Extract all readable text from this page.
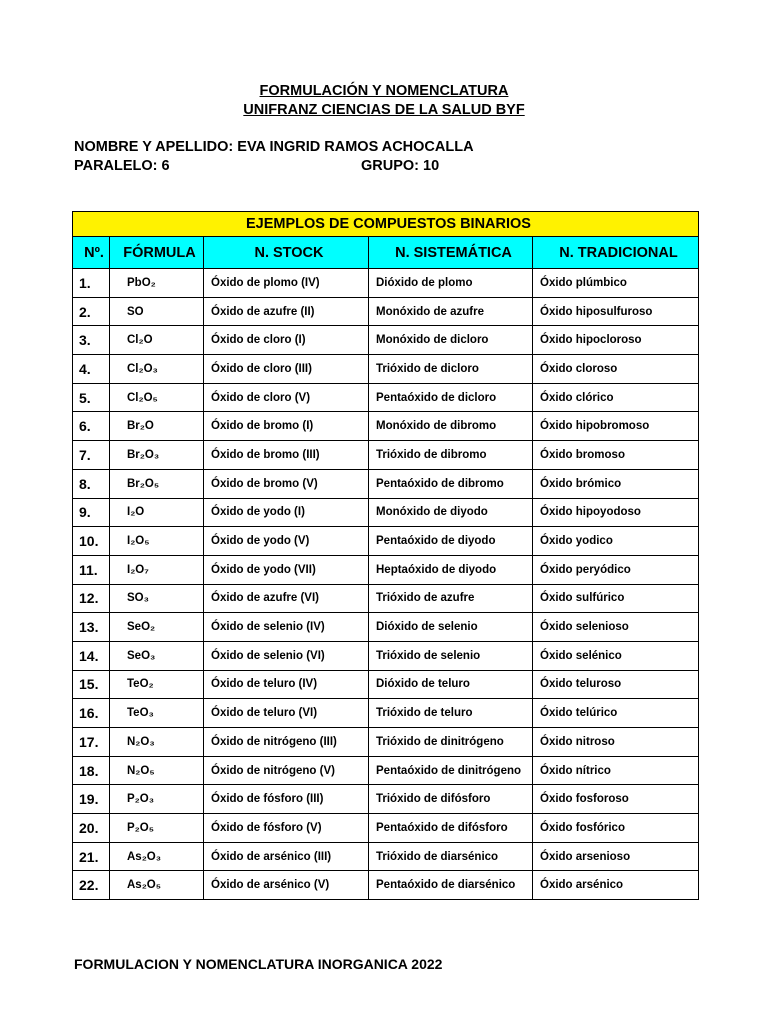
FORMULACIÓN Y NOMENCLATURA
UNIFRANZ CIENCIAS DE LA SALUD BYF
NOMBRE Y APELLIDO: EVA INGRID RAMOS ACHOCALLA
PARALELO: 6	GRUPO: 10
EJEMPLOS DE COMPUESTOS BINARIOS				
Nº.	FÓRMULA	N. STOCK	N. SISTEMÁTICA	N. TRADICIONAL
1.	PbO₂	Óxido de plomo (IV)	Dióxido de plomo	Óxido plúmbico
2.	SO	Óxido de azufre (II)	Monóxido de azufre	Óxido hiposulfuroso
3.	Cl₂O	Óxido de cloro (I)	Monóxido de dicloro	Óxido hipocloroso
4.	Cl₂O₃	Óxido de cloro (III)	Trióxido de dicloro	Óxido cloroso
5.	Cl₂O₅	Óxido de cloro (V)	Pentaóxido de dicloro	Óxido clórico
6.	Br₂O	Óxido de bromo (I)	Monóxido de dibromo	Óxido hipobromoso
7.	Br₂O₃	Óxido de bromo (III)	Trióxido de dibromo	Óxido bromoso
8.	Br₂O₅	Óxido de bromo (V)	Pentaóxido de dibromo	Óxido brómico
9.	I₂O	Óxido de yodo (I)	Monóxido de diyodo	Óxido hipoyodoso
10.	I₂O₅	Óxido de yodo (V)	Pentaóxido de diyodo	Óxido yodico
11.	I₂O₇	Óxido de yodo (VII)	Heptaóxido de diyodo	Óxido peryódico
12.	SO₃	Óxido de azufre (VI)	Trióxido de azufre	Óxido sulfúrico
13.	SeO₂	Óxido de selenio (IV)	Dióxido de selenio	Óxido selenioso
14.	SeO₃	Óxido de selenio (VI)	Trióxido de selenio	Óxido selénico
15.	TeO₂	Óxido de teluro (IV)	Dióxido de teluro	Óxido teluroso
16.	TeO₃	Óxido de teluro (VI)	Trióxido de teluro	Óxido telúrico
17.	N₂O₃	Óxido de nitrógeno (III)	Trióxido de dinitrógeno	Óxido nitroso
18.	N₂O₅	Óxido de nitrógeno (V)	Pentaóxido de dinitrógeno	Óxido nítrico
19.	P₂O₃	Óxido de fósforo (III)	Trióxido de difósforo	Óxido fosforoso
20.	P₂O₅	Óxido de fósforo (V)	Pentaóxido de difósforo	Óxido fosfórico
21.	As₂O₃	Óxido de arsénico (III)	Trióxido de diarsénico	Óxido arsenioso
22.	As₂O₅	Óxido de arsénico (V)	Pentaóxido de diarsénico	Óxido arsénico
FORMULACION Y NOMENCLATURA INORGANICA 2022
